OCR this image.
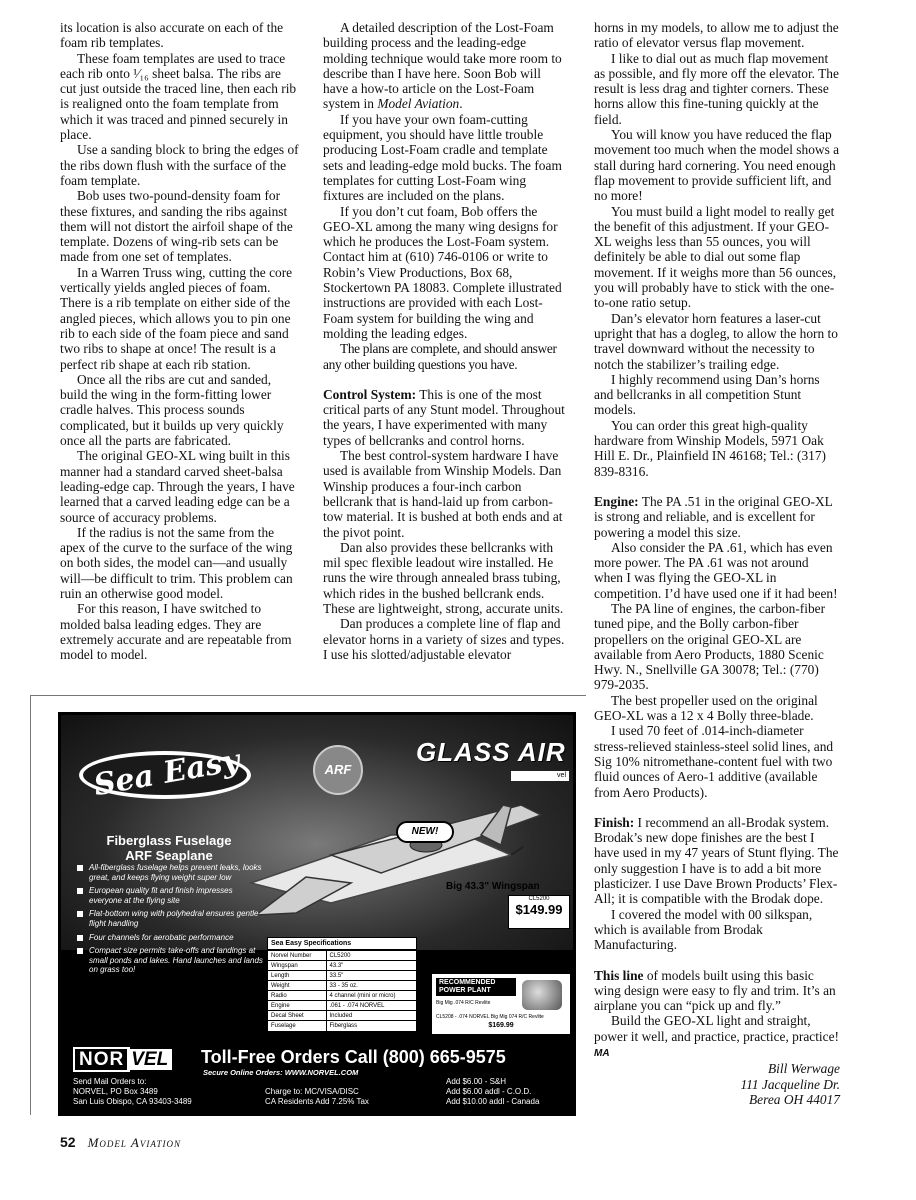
its location is also accurate on each of the foam rib templates.

These foam templates are used to trace each rib onto ¹⁄₁₆ sheet balsa. The ribs are cut just outside the traced line, then each rib is realigned onto the foam template from which it was traced and pinned securely in place.

Use a sanding block to bring the edges of the ribs down flush with the surface of the foam template.

Bob uses two-pound-density foam for these fixtures, and sanding the ribs against them will not distort the airfoil shape of the template. Dozens of wing-rib sets can be made from one set of templates.

In a Warren Truss wing, cutting the core vertically yields angled pieces of foam. There is a rib template on either side of the angled pieces, which allows you to pin one rib to each side of the foam piece and sand two ribs to shape at once! The result is a perfect rib shape at each rib station.

Once all the ribs are cut and sanded, build the wing in the form-fitting lower cradle halves. This process sounds complicated, but it builds up very quickly once all the parts are fabricated.

The original GEO-XL wing built in this manner had a standard carved sheet-balsa leading-edge cap. Through the years, I have learned that a carved leading edge can be a source of accuracy problems.

If the radius is not the same from the apex of the curve to the surface of the wing on both sides, the model can—and usually will—be difficult to trim. This problem can ruin an otherwise good model.

For this reason, I have switched to molded balsa leading edges. They are extremely accurate and are repeatable from model to model.

A detailed description of the Lost-Foam building process and the leading-edge molding technique would take more room to describe than I have here. Soon Bob will have a how-to article on the Lost-Foam system in Model Aviation.

If you have your own foam-cutting equipment, you should have little trouble producing Lost-Foam cradle and template sets and leading-edge mold bucks. The foam templates for cutting Lost-Foam wing fixtures are included on the plans.

If you don’t cut foam, Bob offers the GEO-XL among the many wing designs for which he produces the Lost-Foam system. Contact him at (610) 746-0106 or write to Robin’s View Productions, Box 68, Stockertown PA 18083. Complete illustrated instructions are provided with each Lost-Foam system for building the wing and molding the leading edges.

The plans are complete, and should answer any other building questions you have.

Control System: This is one of the most critical parts of any Stunt model. Throughout the years, I have experimented with many types of bellcranks and control horns.

The best control-system hardware I have used is available from Winship Models. Dan Winship produces a four-inch carbon bellcrank that is hand-laid up from carbon-tow material. It is bushed at both ends and at the pivot point.

Dan also provides these bellcranks with mil spec flexible leadout wire installed. He runs the wire through annealed brass tubing, which rides in the bushed bellcrank ends. These are lightweight, strong, accurate units.

Dan produces a complete line of flap and elevator horns in a variety of sizes and types. I use his slotted/adjustable elevator

horns in my models, to allow me to adjust the ratio of elevator versus flap movement.

I like to dial out as much flap movement as possible, and fly more off the elevator. The result is less drag and tighter corners. These horns allow this fine-tuning quickly at the field.

You will know you have reduced the flap movement too much when the model shows a stall during hard cornering. You need enough flap movement to provide sufficient lift, and no more!

You must build a light model to really get the benefit of this adjustment. If your GEO-XL weighs less than 55 ounces, you will definitely be able to dial out some flap movement. If it weighs more than 56 ounces, you will probably have to stick with the one-to-one ratio setup.

Dan’s elevator horn features a laser-cut upright that has a dogleg, to allow the horn to travel downward without the necessity to notch the stabilizer’s trailing edge.

I highly recommend using Dan’s horns and bellcranks in all competition Stunt models.

You can order this great high-quality hardware from Winship Models, 5971 Oak Hill E. Dr., Plainfield IN 46168; Tel.: (317) 839-8316.

Engine: The PA .51 in the original GEO-XL is strong and reliable, and is excellent for powering a model this size.

Also consider the PA .61, which has even more power. The PA .61 was not around when I was flying the GEO-XL in competition. I’d have used one if it had been!

The PA line of engines, the carbon-fiber tuned pipe, and the Bolly carbon-fiber propellers on the original GEO-XL are available from Aero Products, 1880 Scenic Hwy. N., Snellville GA 30078; Tel.: (770) 979-2035.

The best propeller used on the original GEO-XL was a 12 x 4 Bolly three-blade.

I used 70 feet of .014-inch-diameter stress-relieved stainless-steel solid lines, and Sig 10% nitromethane-content fuel with two fluid ounces of Aero-1 additive (available from Aero Products).

Finish: I recommend an all-Brodak system. Brodak’s new dope finishes are the best I have used in my 47 years of Stunt flying. The only suggestion I have is to add a bit more plasticizer. I use Dave Brown Products’ Flex-All; it is compatible with the Brodak dope.

I covered the model with 00 silkspan, which is available from Brodak Manufacturing.

This line of models built using this basic wing design were easy to fly and trim. It’s an airplane you can “pick up and fly.”

Build the GEO-XL light and straight, power it well, and practice, practice, practice! MA

Bill Werwage

111 Jacqueline Dr.

Berea OH 44017

Sea Easy	ARF
GLASS AIR
vel
NEW!
Fiberglass Fuselage
ARF Seaplane
All-fiberglass fuselage helps prevent leaks, looks great, and keeps flying weight super low
European quality fit and finish impresses everyone at the flying site
Flat-bottom wing with polyhedral ensures gentle flight handling
Four channels for aerobatic performance
Compact size permits take-offs and landings at small ponds and lakes. Hand launches and lands on grass too!
Big 43.3" Wingspan
CL5200
$149.99
Sea Easy Specifications
Norvel Number	CL5200
Wingspan	43.3"
Length	33.5"
Weight	33 - 35 oz.
Radio	4 channel (mini or micro)
Engine	.061 - .074 NORVEL
Decal Sheet	Included
Fuselage	Fiberglass
RECOMMENDED
POWER PLANT
Big Mig .074 R/C Revlite
CL5208 - .074 NORVEL Big Mig 074 R/C Revlite
$169.99
NOR VEL Toll-Free Orders Call (800) 665-9575
Secure Online Orders: WWW.NORVEL.COM
Send Mail Orders to:
NORVEL, PO Box 3489
San Luis Obispo, CA 93403-3489

Charge to: MC/VISA/DISC
CA Residents Add 7.25% Tax
Add $6.00 - S&H
Add $6.00 addl - C.O.D.
Add $10.00 addl - Canada
52 Model Aviation
